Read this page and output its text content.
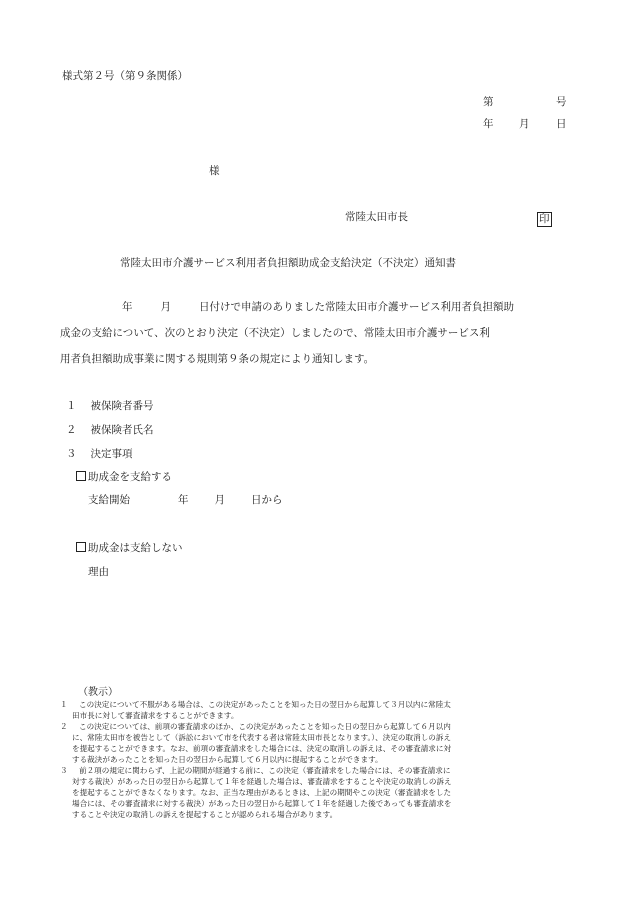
様式第２号（第９条関係）
第	号
年 月	日
様
常陸太田市長	印
常陸太田市介護サービス利用者負担額助成金支給決定（不決定）通知書
年	月	日付けで申請のありました常陸太田市介護サービス利用者負担額助
成金の支給について、次のとおり決定（不決定）しましたので、常陸太田市介護サービス利
用者負担額助成事業に関する規則第９条の規定により通知します。
１ 被保険者番号
２ 被保険者氏名
３ 決定事項
助成金を支給する
支給開始	年 月 日から
助成金は支給しない
理由
（教示）
１	この決定について不服がある場合は、この決定があったことを知った日の翌日から起算して３月以内に常陸太
田市長に対して審査請求をすることができます。
２	この決定については、前項の審査請求のほか、この決定があったことを知った日の翌日から起算して６月以内
に、常陸太田市を被告として（訴訟において市を代表する者は常陸太田市長となります。）、決定の取消しの訴え
を提起することができます。なお、前項の審査請求をした場合には、決定の取消しの訴えは、その審査請求に対
する裁決があったことを知った日の翌日から起算して６月以内に提起することができます。
３	前２項の規定に関わらず、上記の期間が経過する前に、この決定（審査請求をした場合には、その審査請求に
対する裁決）があった日の翌日から起算して１年を経過した場合は、審査請求をすることや決定の取消しの訴え
を提起することができなくなります。なお、正当な理由があるときは、上記の期間やこの決定（審査請求をした
場合には、その審査請求に対する裁決）があった日の翌日から起算して１年を経過した後であっても審査請求を
することや決定の取消しの訴えを提起することが認められる場合があります。
